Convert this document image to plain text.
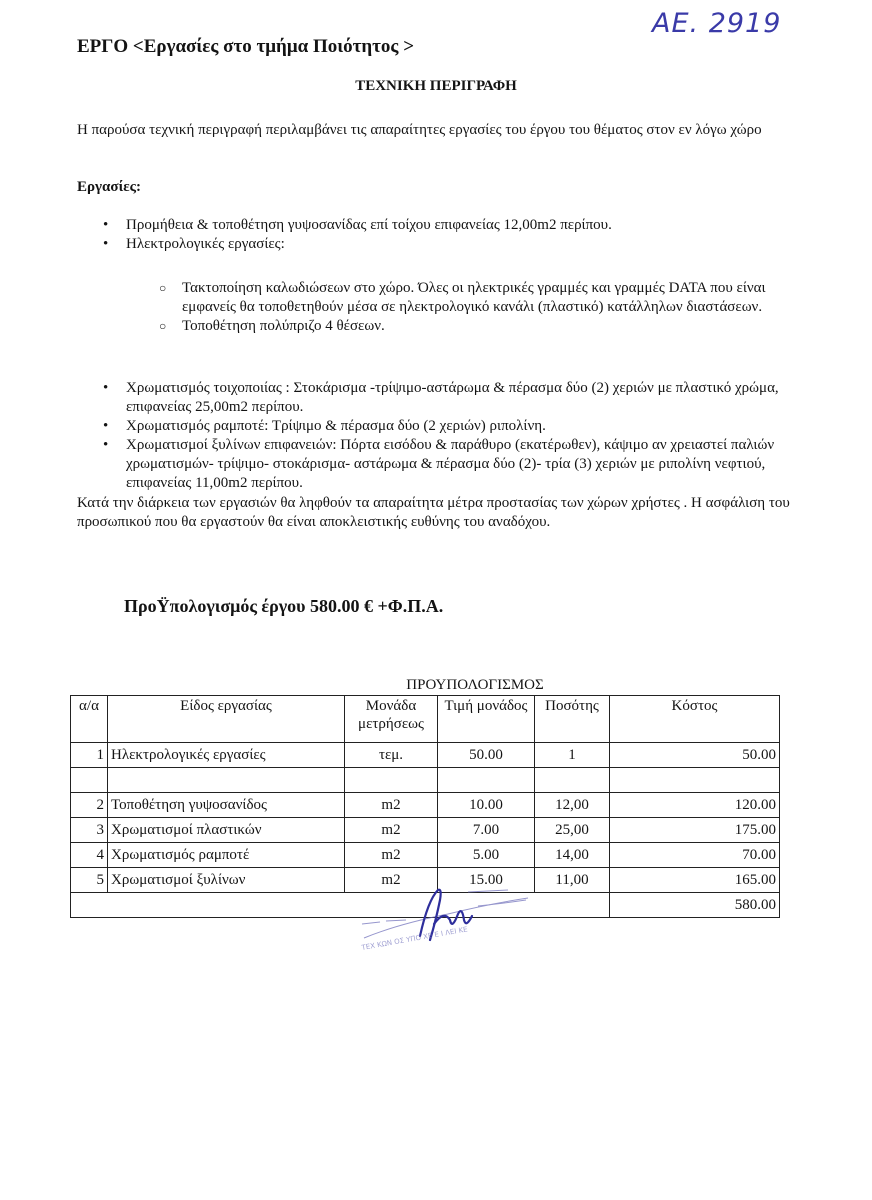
ΑΕ. 2919
ΕΡΓΟ <Εργασίες στο τμήμα Ποιότητος >
ΤΕΧΝΙΚΗ ΠΕΡΙΓΡΑΦΗ
Η παρούσα τεχνική περιγραφή περιλαμβάνει τις απαραίτητες εργασίες του έργου του θέματος στον εν λόγω χώρο
Εργασίες:
• Προμήθεια & τοποθέτηση γυψοσανίδας επί τοίχου επιφανείας 12,00m2 περίπου.
• Ηλεκτρολογικές εργασίες:
○ Τακτοποίηση καλωδιώσεων στο χώρο. Όλες οι ηλεκτρικές γραμμές και γραμμές DATA που είναι εμφανείς θα τοποθετηθούν μέσα σε ηλεκτρολογικό κανάλι (πλαστικό) κατάλληλων διαστάσεων.
○ Τοποθέτηση πολύπριζο 4 θέσεων.
• Χρωματισμός τοιχοποιίας : Στοκάρισμα -τρίψιμο-αστάρωμα & πέρασμα δύο (2) χεριών με πλαστικό χρώμα, επιφανείας 25,00m2 περίπου.
• Χρωματισμός ραμποτέ: Τρίψιμο & πέρασμα δύο (2 χεριών) ριπολίνη.
• Χρωματισμοί ξυλίνων επιφανειών: Πόρτα εισόδου & παράθυρο (εκατέρωθεν), κάψιμο αν χρειαστεί παλιών χρωματισμών- τρίψιμο- στοκάρισμα- αστάρωμα & πέρασμα δύο (2)- τρία (3) χεριών με ριπολίνη νεφτιού, επιφανείας 11,00m2 περίπου.
Κατά την διάρκεια των εργασιών θα ληφθούν τα απαραίτητα μέτρα προστασίας των χώρων χρήστες . Η ασφάλιση του προσωπικού που θα εργαστούν θα είναι αποκλειστικής ευθύνης του αναδόχου.
ΠροΫπολογισμός έργου 580.00 € +Φ.Π.Α.
ΠΡΟΥΠΟΛΟΓΙΣΜΟΣ
α/α	Είδος εργασίας	Μονάδα μετρήσεως	Τιμή μονάδος	Ποσότης	Κόστος
1	Ηλεκτρολογικές εργασίες	τεμ.	50.00	1	50.00

2	Τοποθέτηση γυψοσανίδος	m2	10.00	12,00	120.00
3	Χρωματισμοί πλαστικών	m2	7.00	25,00	175.00
4	Χρωματισμός ραμποτέ	m2	5.00	14,00	70.00
5	Χρωματισμοί ξυλίνων	m2	15.00	11,00	165.00
					580.00
ΤΕΧ ΚΩΝ ΟΣ ΥΠΟ ΧΕ Ε Ι ΛΕΙ ΚΕ
